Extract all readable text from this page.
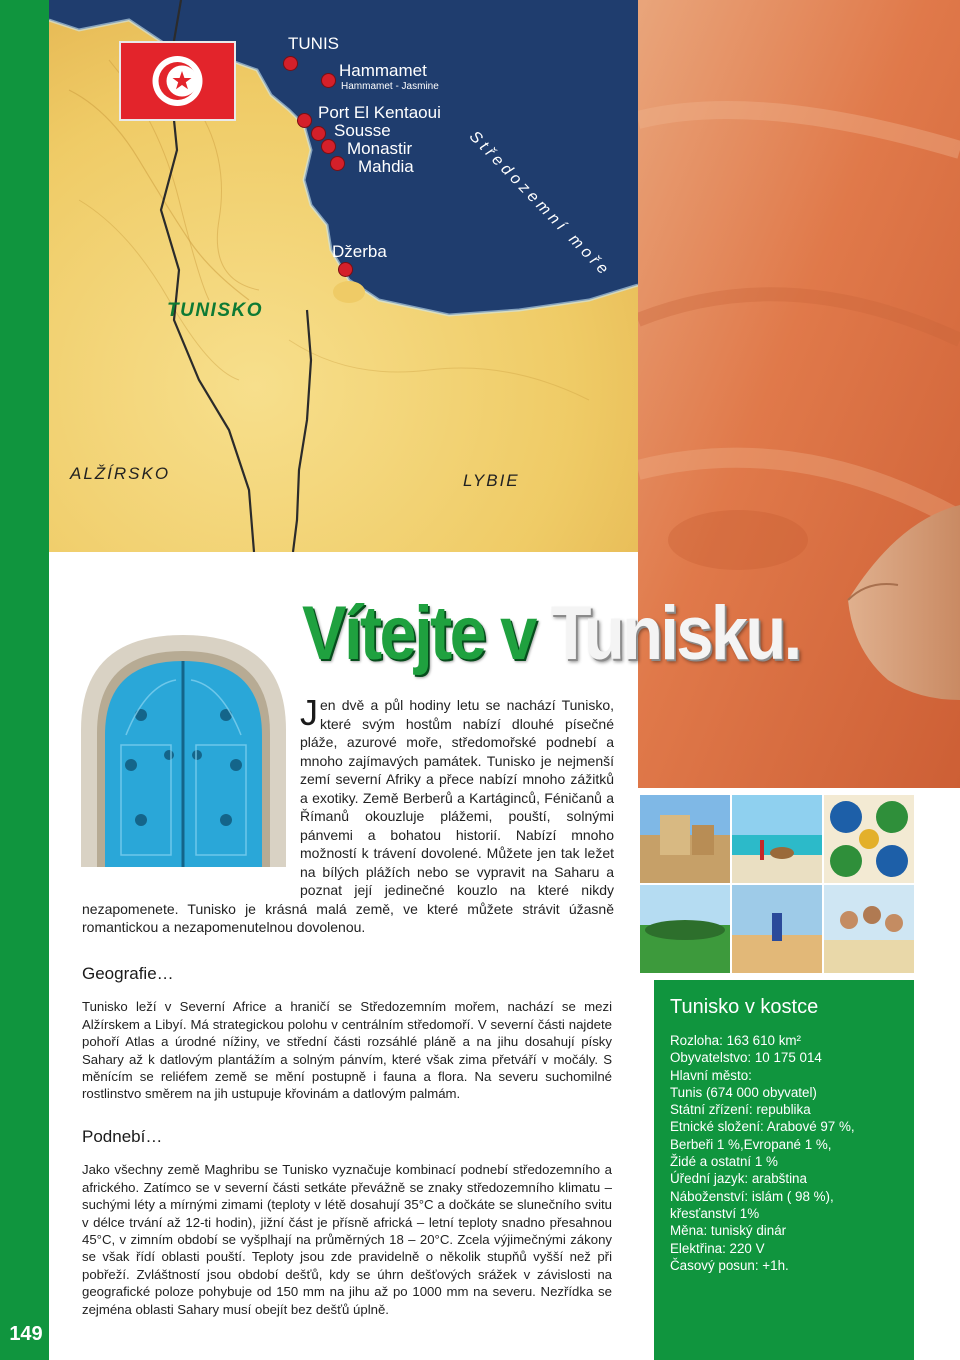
149
TUNIS
Hammamet
Hammamet - Jasmine
Port El Kentaoui
Sousse
Monastir
Mahdia
Džerba	Středozemní moře
TUNISKO
ALŽÍRSKO	LYBIE
Vítejte v Tunisku.
J en dvě a půl hodiny letu se nachází Tunisko, které svým hostům nabízí dlouhé písečné pláže, azurové moře, středomořské podnebí a mnoho zajímavých památek. Tunisko je nejmenší zemí severní Afriky a přece nabízí mnoho zážitků a exotiky. Země Berberů a Kartáginců, Féničanů a Římanů okouzluje plážemi, pouští, solnými pánvemi a bohatou historií. Nabízí mnoho možností k trávení dovolené. Můžete jen tak ležet na bílých plážích nebo se vypravit na Saharu a poznat její jedinečné kouzlo na které nikdy nezapomenete. Tunisko je krásná malá země, ve které můžete strávit úžasně romantickou a nezapomenutelnou dovolenou.

Geografie…

Tunisko leží v Severní Africe a hraničí se Středozemním mořem, nachází se mezi Alžírskem a Libyí. Má strategickou polohu v centrálním středomoří. V severní části najdete pohoří Atlas a úrodné nížiny, ve střední části rozsáhlé pláně a na jihu dosahují písky Sahary až k datlovým plantážím a solným pánvím, které však zima přetváří v močály. S měnícím se reliéfem země se mění postupně i fauna a flora. Na severu suchomilné rostlinstvo směrem na jih ustupuje křovinám a datlovým palmám.

Podnebí…

Jako všechny země Maghribu se Tunisko vyznačuje kombinací podnebí středozemního a afrického. Zatímco se v severní části setkáte převážně se znaky středozemního klimatu – suchými léty a mírnými zimami (teploty v létě dosahují 35°C a dočkáte se slunečního svitu v délce trvání až 12-ti hodin), jižní část je přísně africká – letní teploty snadno přesahnou 45°C, v zimním období se vyšplhají na průměrných 18 – 20°C. Zcela výjimečnými zákony se však řídí oblasti pouští. Teploty jsou zde pravidelně o několik stupňů vyšší než při pobřeží. Zvláštností jsou období dešťů, kdy se úhrn dešťových srážek v závislosti na geografické poloze pohybuje od 150 mm na jihu až po 1000 mm na severu. Nezřídka se zejména oblasti Sahary musí obejít bez dešťů úplně.

Tunisko v kostce
Rozloha: 163 610 km²
Obyvatelstvo: 10 175 014
Hlavní město:
Tunis (674 000 obyvatel)
Státní zřízení: republika
Etnické složení: Arabové 97 %,
Berbeři 1 %,Evropané 1 %,
Židé a ostatní 1 %
Úřední jazyk: arabština
Náboženství: islám ( 98 %),
křesťanství 1%
Měna: tuniský dinár
Elektřina: 220 V
Časový posun: +1h.
